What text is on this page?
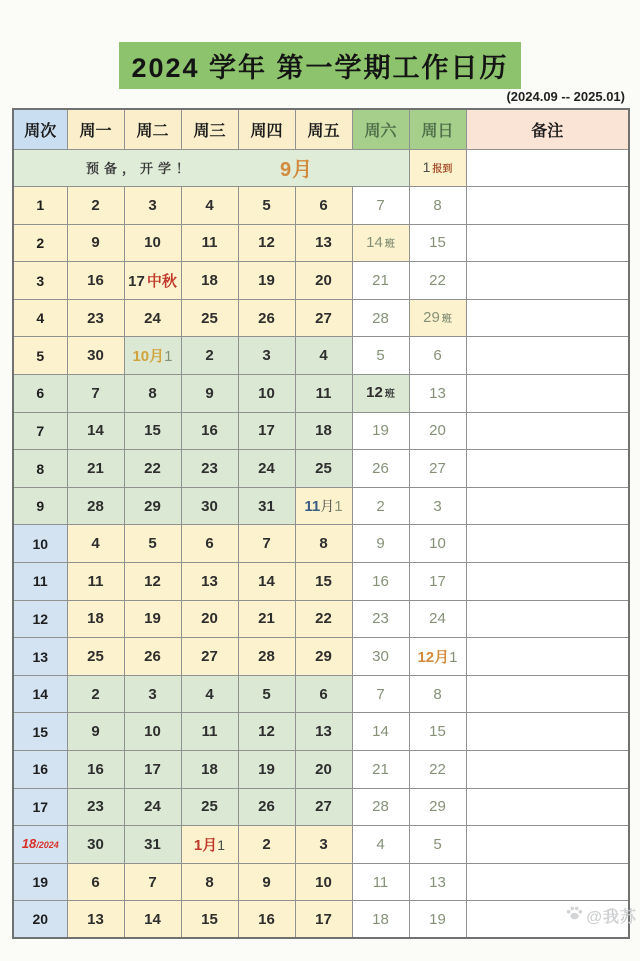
2024 学年 第一学期工作日历
(2024.09 -- 2025.01)
周次	周一	周二	周三	周四	周五	周六	周日	备注

预备，开学！ 9月							1 报到	
1	2	3	4	5	6	7	8	
2	9	10	11	12	13	14 班	15	
3	16	17 中秋	18	19	20	21	22	
4	23	24	25	26	27	28	29 班	
5	30	10月1	2	3	4	5	6	
6	7	8	9	10	11	12 班	13	
7	14	15	16	17	18	19	20	
8	21	22	23	24	25	26	27	
9	28	29	30	31	11月1	2	3	
10	4	5	6	7	8	9	10	
11	11	12	13	14	15	16	17	
12	18	19	20	21	22	23	24	
13	25	26	27	28	29	30	12月1	
14	2	3	4	5	6	7	8	
15	9	10	11	12	13	14	15	
16	16	17	18	19	20	21	22	
17	23	24	25	26	27	28	29	
18/2024	30	31	1月1	2	3	4	5	
19	6	7	8	9	10	11	13	
20	13	14	15	16	17	18	19		@我苏
